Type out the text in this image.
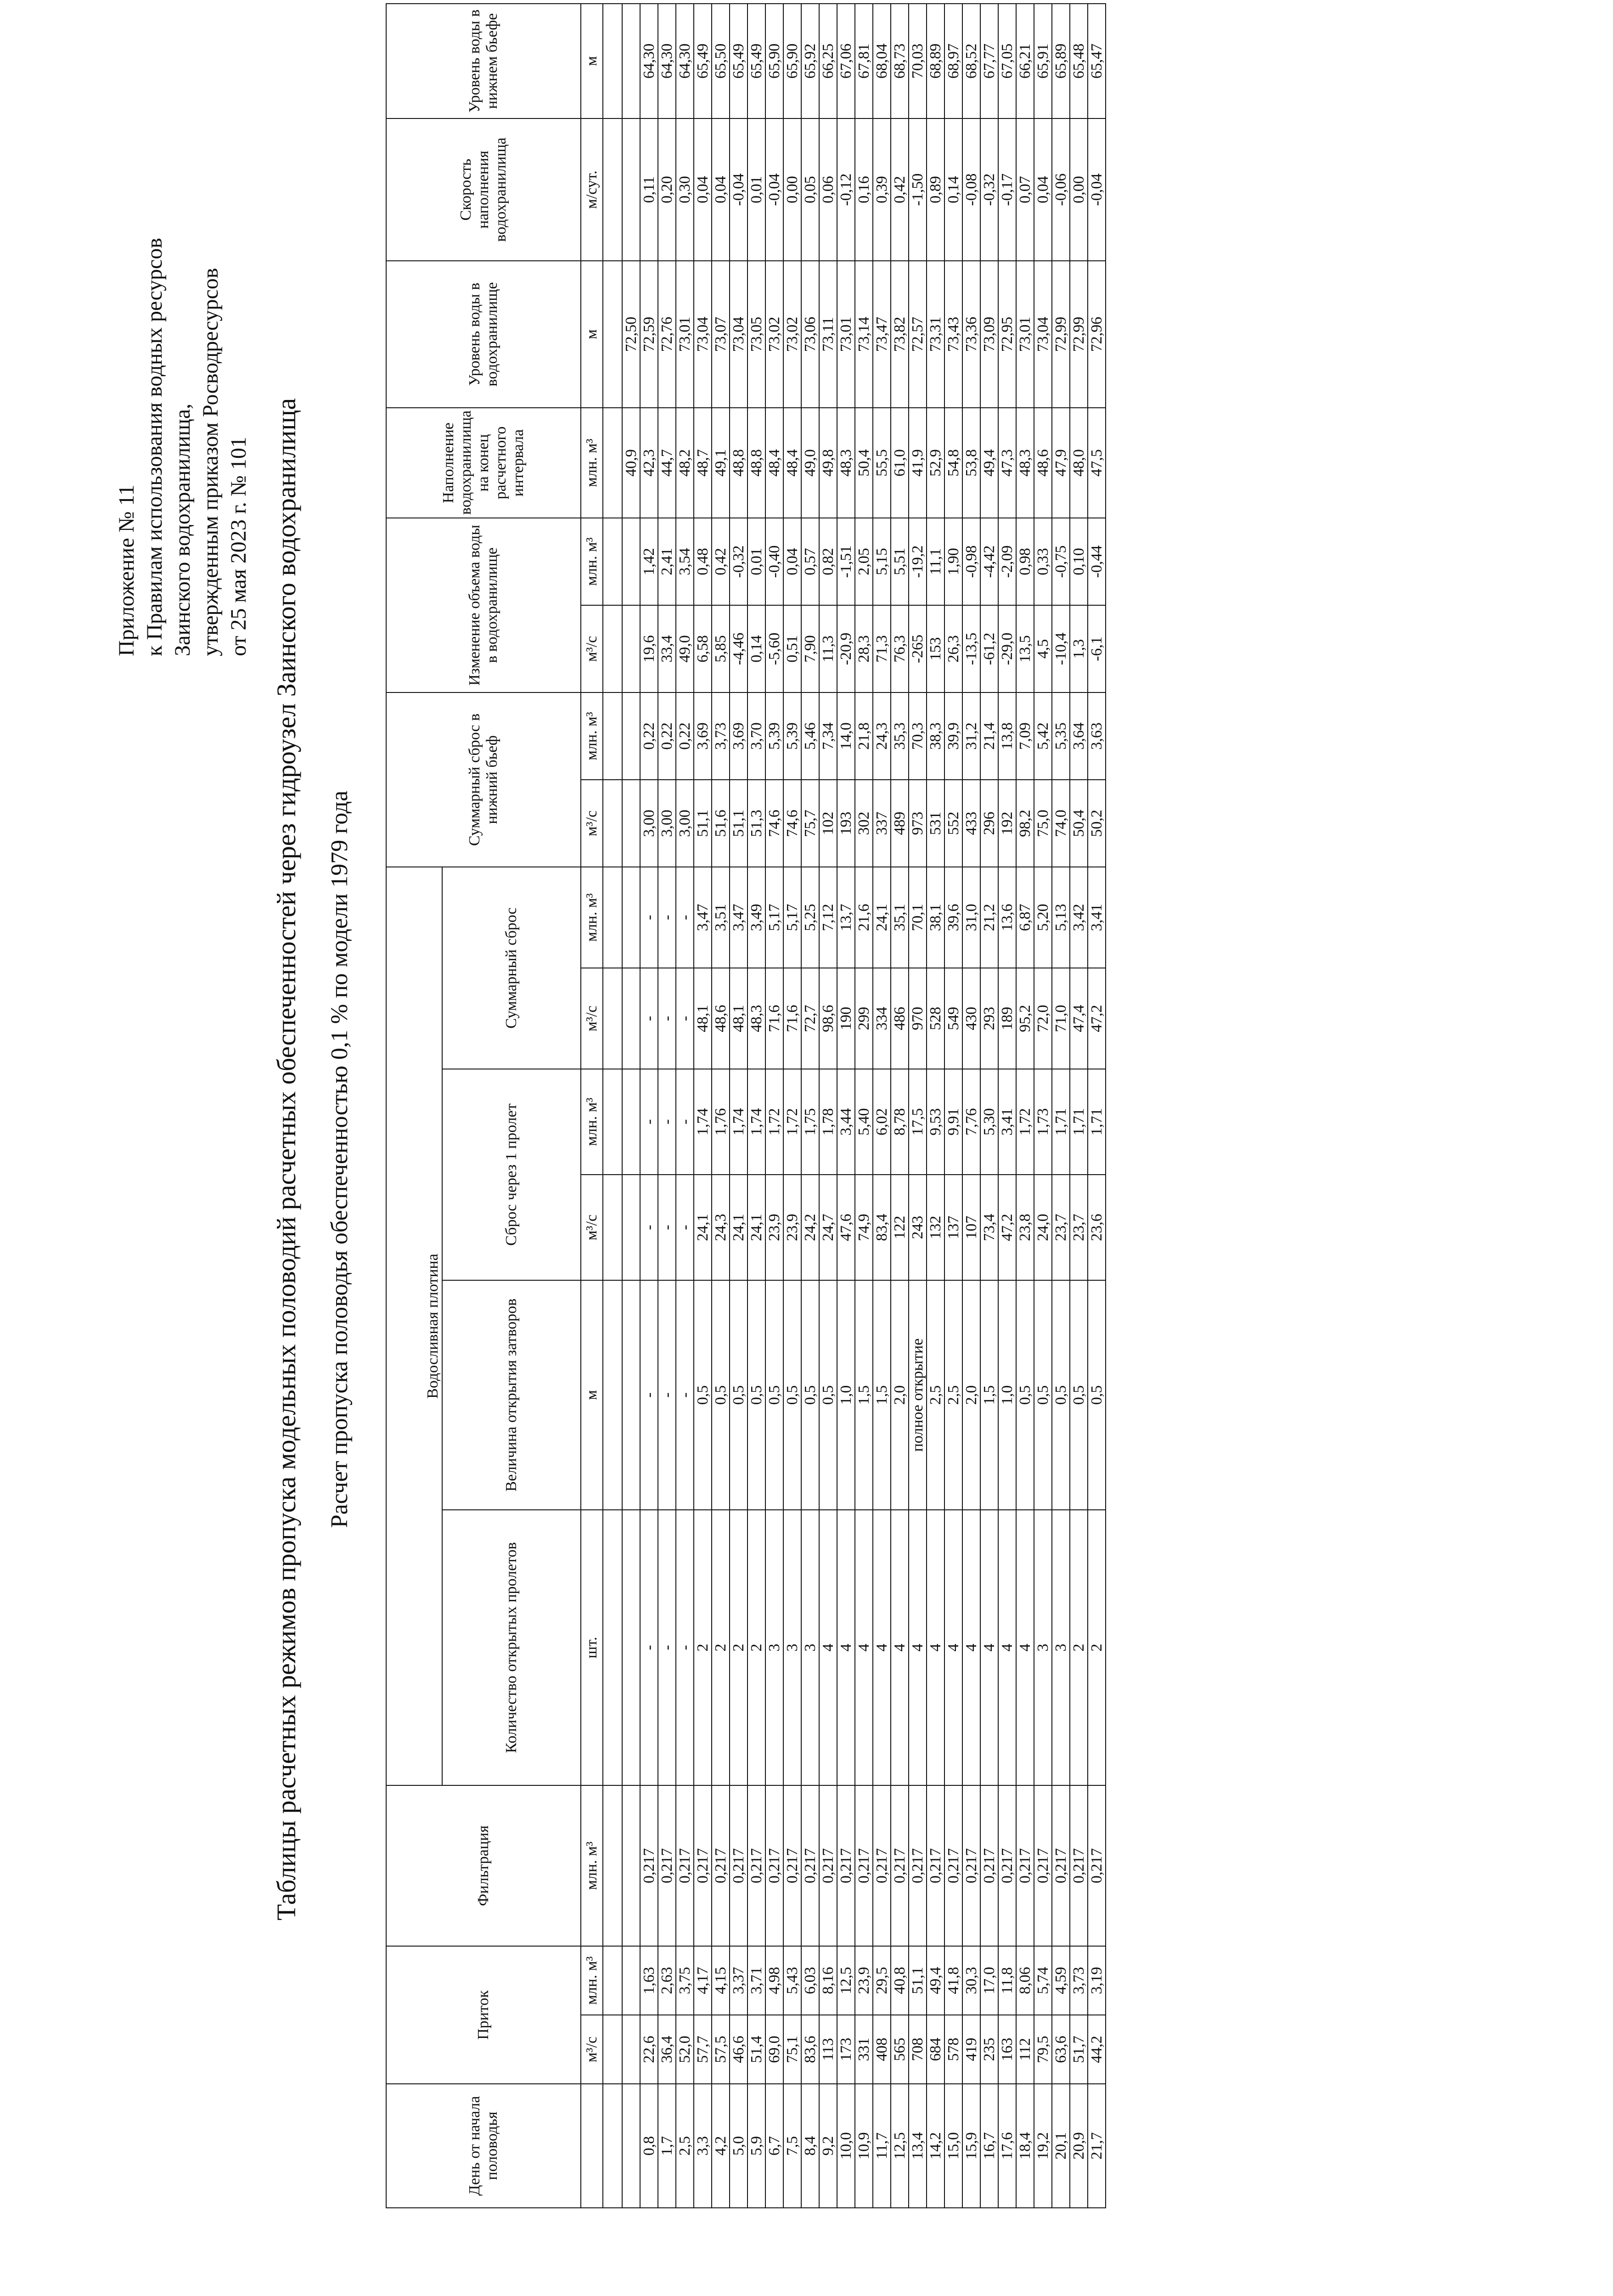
Приложение № 11 к Правилам использования водных ресурсов Заинского водохранилища, утвержденным приказом Росводресурсов от 25 мая 2023 г. № 101 Таблицы расчетных режимов пропуска модельных половодий расчетных обеспеченностей через гидроузел Заинского водохранилища Расчет пропуска половодья обеспеченностью 0,1 % по модели 1979 года
День от начала половодья	Приток		Фильтрация	Водосливная плотина						Суммарный сброс в нижний бьеф		Изменение объема воды в водохранилище		Наполнение водохранилища на конец расчетного интервала	Уровень воды в водохранилище	Скорость наполнения водохранилища	Уровень воды в нижнем бьефе
				Количество открытых пролетов	Величина открытия затворов	Сброс через 1 пролет		Суммарный сброс									
	м³/с	млн. м³	млн. м³	шт.	м	м³/с	млн. м³	м³/с	млн. м³	м³/с	млн. м³	м³/с	млн. м³	млн. м³	м	м/сут.	м

														40,9	72,50		
0,8	22,6	1,63	0,217	-	-	-	-	-	-	3,00	0,22	19,6	1,42	42,3	72,59	0,11	64,30
1,7	36,4	2,63	0,217	-	-	-	-	-	-	3,00	0,22	33,4	2,41	44,7	72,76	0,20	64,30
2,5	52,0	3,75	0,217	-	-	-	-	-	-	3,00	0,22	49,0	3,54	48,2	73,01	0,30	64,30
3,3	57,7	4,17	0,217	2	0,5	24,1	1,74	48,1	3,47	51,1	3,69	6,58	0,48	48,7	73,04	0,04	65,49
4,2	57,5	4,15	0,217	2	0,5	24,3	1,76	48,6	3,51	51,6	3,73	5,85	0,42	49,1	73,07	0,04	65,50
5,0	46,6	3,37	0,217	2	0,5	24,1	1,74	48,1	3,47	51,1	3,69	-4,46	-0,32	48,8	73,04	-0,04	65,49
5,9	51,4	3,71	0,217	2	0,5	24,1	1,74	48,3	3,49	51,3	3,70	0,14	0,01	48,8	73,05	0,01	65,49
6,7	69,0	4,98	0,217	3	0,5	23,9	1,72	71,6	5,17	74,6	5,39	-5,60	-0,40	48,4	73,02	-0,04	65,90
7,5	75,1	5,43	0,217	3	0,5	23,9	1,72	71,6	5,17	74,6	5,39	0,51	0,04	48,4	73,02	0,00	65,90
8,4	83,6	6,03	0,217	3	0,5	24,2	1,75	72,7	5,25	75,7	5,46	7,90	0,57	49,0	73,06	0,05	65,92
9,2	113	8,16	0,217	4	0,5	24,7	1,78	98,6	7,12	102	7,34	11,3	0,82	49,8	73,11	0,06	66,25
10,0	173	12,5	0,217	4	1,0	47,6	3,44	190	13,7	193	14,0	-20,9	-1,51	48,3	73,01	-0,12	67,06
10,9	331	23,9	0,217	4	1,5	74,9	5,40	299	21,6	302	21,8	28,3	2,05	50,4	73,14	0,16	67,81
11,7	408	29,5	0,217	4	1,5	83,4	6,02	334	24,1	337	24,3	71,3	5,15	55,5	73,47	0,39	68,04
12,5	565	40,8	0,217	4	2,0	122	8,78	486	35,1	489	35,3	76,3	5,51	61,0	73,82	0,42	68,73
13,4	708	51,1	0,217	4	полное открытие	243	17,5	970	70,1	973	70,3	-265	-19,2	41,9	72,57	-1,50	70,03
14,2	684	49,4	0,217	4	2,5	132	9,53	528	38,1	531	38,3	153	11,1	52,9	73,31	0,89	68,89
15,0	578	41,8	0,217	4	2,5	137	9,91	549	39,6	552	39,9	26,3	1,90	54,8	73,43	0,14	68,97
15,9	419	30,3	0,217	4	2,0	107	7,76	430	31,0	433	31,2	-13,5	-0,98	53,8	73,36	-0,08	68,52
16,7	235	17,0	0,217	4	1,5	73,4	5,30	293	21,2	296	21,4	-61,2	-4,42	49,4	73,09	-0,32	67,77
17,6	163	11,8	0,217	4	1,0	47,2	3,41	189	13,6	192	13,8	-29,0	-2,09	47,3	72,95	-0,17	67,05
18,4	112	8,06	0,217	4	0,5	23,8	1,72	95,2	6,87	98,2	7,09	13,5	0,98	48,3	73,01	0,07	66,21
19,2	79,5	5,74	0,217	3	0,5	24,0	1,73	72,0	5,20	75,0	5,42	4,5	0,33	48,6	73,04	0,04	65,91
20,1	63,6	4,59	0,217	3	0,5	23,7	1,71	71,0	5,13	74,0	5,35	-10,4	-0,75	47,9	72,99	-0,06	65,89
20,9	51,7	3,73	0,217	2	0,5	23,7	1,71	47,4	3,42	50,4	3,64	1,3	0,10	48,0	72,99	0,00	65,48
21,7	44,2	3,19	0,217	2	0,5	23,6	1,71	47,2	3,41	50,2	3,63	-6,1	-0,44	47,5	72,96	-0,04	65,47
